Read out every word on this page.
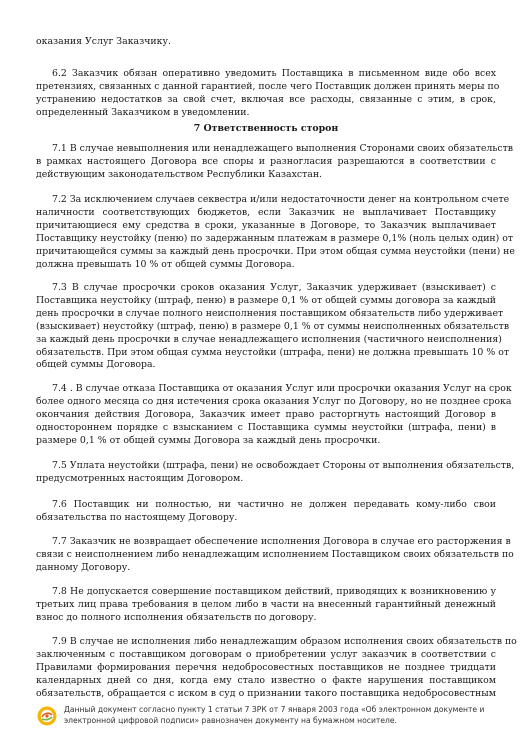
оказания Услуг Заказчику.
6.2 Заказчик обязан оперативно уведомить Поставщика в письменном виде обо всех
претензиях, связанных с данной гарантией, после чего Поставщик должен принять меры по
устранению недостатков за свой счет, включая все расходы, связанные с этим, в срок,
определенный Заказчиком в уведомлении.
7 Ответственность сторон
7.1 В случае невыполнения или ненадлежащего выполнения Сторонами своих обязательств
в рамках настоящего Договора все споры и разногласия разрешаются в соответствии с
действующим законодательством Республики Казахстан.
7.2 За исключением случаев секвестра и/или недостаточности денег на контрольном счете
наличности соответствующих бюджетов, если Заказчик не выплачивает Поставщику
причитающиеся ему средства в сроки, указанные в Договоре, то Заказчик выплачивает
Поставщику неустойку (пеню) по задержанным платежам в размере 0,1% (ноль целых один) от
причитающейся суммы за каждый день просрочки. При этом общая сумма неустойки (пени) не
должна превышать 10 % от общей суммы Договора.
7.3 В случае просрочки сроков оказания Услуг, Заказчик удерживает (взыскивает) с
Поставщика неустойку (штраф, пеню) в размере 0,1 % от общей суммы договора за каждый
день просрочки в случае полного неисполнения поставщиком обязательств либо удерживает
(взыскивает) неустойку (штраф, пеню) в размере 0,1 % от суммы неисполненных обязательств
за каждый день просрочки в случае ненадлежащего исполнения (частичного неисполнения)
обязательств. При этом общая сумма неустойки (штрафа, пени) не должна превышать 10 % от
общей суммы Договора.
7.4 . В случае отказа Поставщика от оказания Услуг или просрочки оказания Услуг на срок
более одного месяца со дня истечения срока оказания Услуг по Договору, но не позднее срока
окончания действия Договора, Заказчик имеет право расторгнуть настоящий Договор в
одностороннем порядке с взысканием с Поставщика суммы неустойки (штрафа, пени) в
размере 0,1 % от общей суммы Договора за каждый день просрочки.
7.5 Уплата неустойки (штрафа, пени) не освобождает Стороны от выполнения обязательств,
предусмотренных настоящим Договором.
7.6 Поставщик ни полностью, ни частично не должен передавать кому-либо свои
обязательства по настоящему Договору.
7.7 Заказчик не возвращает обеспечение исполнения Договора в случае его расторжения в
связи с неисполнением либо ненадлежащим исполнением Поставщиком своих обязательств по
данному Договору.
7.8 Не допускается совершение поставщиком действий, приводящих к возникновению у
третьих лиц права требования в целом либо в части на внесенный гарантийный денежный
взнос до полного исполнения обязательств по договору.
7.9 В случае не исполнения либо ненадлежащим образом исполнения своих обязательств по
заключенным с поставщиком договорам о приобретении услуг заказчик в соответствии с
Правилами формирования перечня недобросовестных поставщиков не позднее тридцати
календарных дней со дня, когда ему стало известно о факте нарушения поставщиком
обязательств, обращается с иском в суд о признании такого поставщика недобросовестным
Данный документ согласно пункту 1 статьи 7 ЗРК от 7 января 2003 года «Об электронном документе и
электронной цифровой подписи» равнозначен документу на бумажном носителе.
